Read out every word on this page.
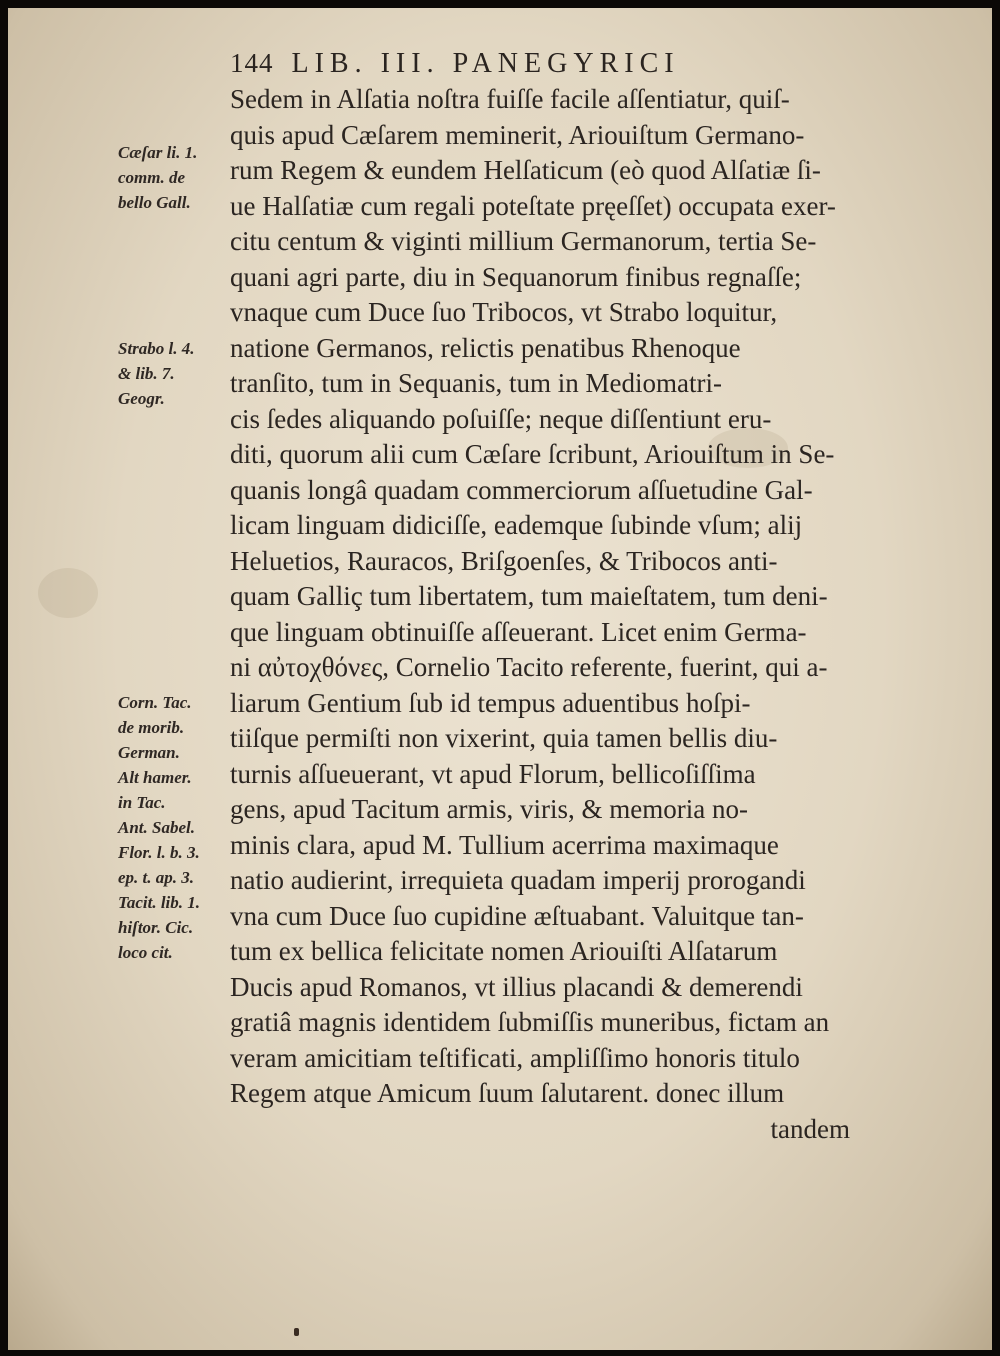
144 LIB. III. PANEGYRICI
Cæſar li. 1.
comm. de
bello Gall.
Strabo l. 4.
& lib. 7.
Geogr.
Corn. Tac.
de morib.
German.
Alt hamer.
in Tac.
Ant. Sabel.
Flor. l. b. 3.
ep. t. ap. 3.
Tacit. lib. 1.
hiſtor. Cic.
loco cit.
Sedem in Alſatia noſtra fuiſſe facile aſſentiatur, quiſ-
quis apud Cæſarem meminerit, Ariouiſtum Germano-
rum Regem & eundem Helſaticum (eò quod Alſatiæ ſi-
ue Halſatiæ cum regali poteſtate pręeſſet) occupata exer-
citu centum & viginti millium Germanorum, tertia Se-
quani agri parte, diu in Sequanorum finibus regnaſſe;
vnaque cum Duce ſuo Tribocos, vt Strabo loquitur,
natione Germanos, relictis penatibus Rhenoque
tranſito, tum in Sequanis, tum in Mediomatri-
cis ſedes aliquando poſuiſſe; neque diſſentiunt eru-
diti, quorum alii cum Cæſare ſcribunt, Ariouiſtum in Se-
quanis longâ quadam commerciorum aſſuetudine Gal-
licam linguam didiciſſe, eademque ſubinde vſum; alij
Heluetios, Rauracos, Briſgoenſes, & Tribocos anti-
quam Galliç tum libertatem, tum maieſtatem, tum deni-
que linguam obtinuiſſe aſſeuerant. Licet enim Germa-
ni αὐτοχθόνες, Cornelio Tacito referente, fuerint, qui a-
liarum Gentium ſub id tempus aduentibus hoſpi-
tiiſque permiſti non vixerint, quia tamen bellis diu-
turnis aſſueuerant, vt apud Florum, bellicoſiſſima
gens, apud Tacitum armis, viris, & memoria no-
minis clara, apud M. Tullium acerrima maximaque
natio audierint, irrequieta quadam imperij prorogandi
vna cum Duce ſuo cupidine æſtuabant. Valuitque tan-
tum ex bellica felicitate nomen Ariouiſti Alſatarum
Ducis apud Romanos, vt illius placandi & demerendi
gratiâ magnis identidem ſubmiſſis muneribus, fictam an
veram amicitiam teſtificati, ampliſſimo honoris titulo
Regem atque Amicum ſuum ſalutarent. donec illum
tandem
